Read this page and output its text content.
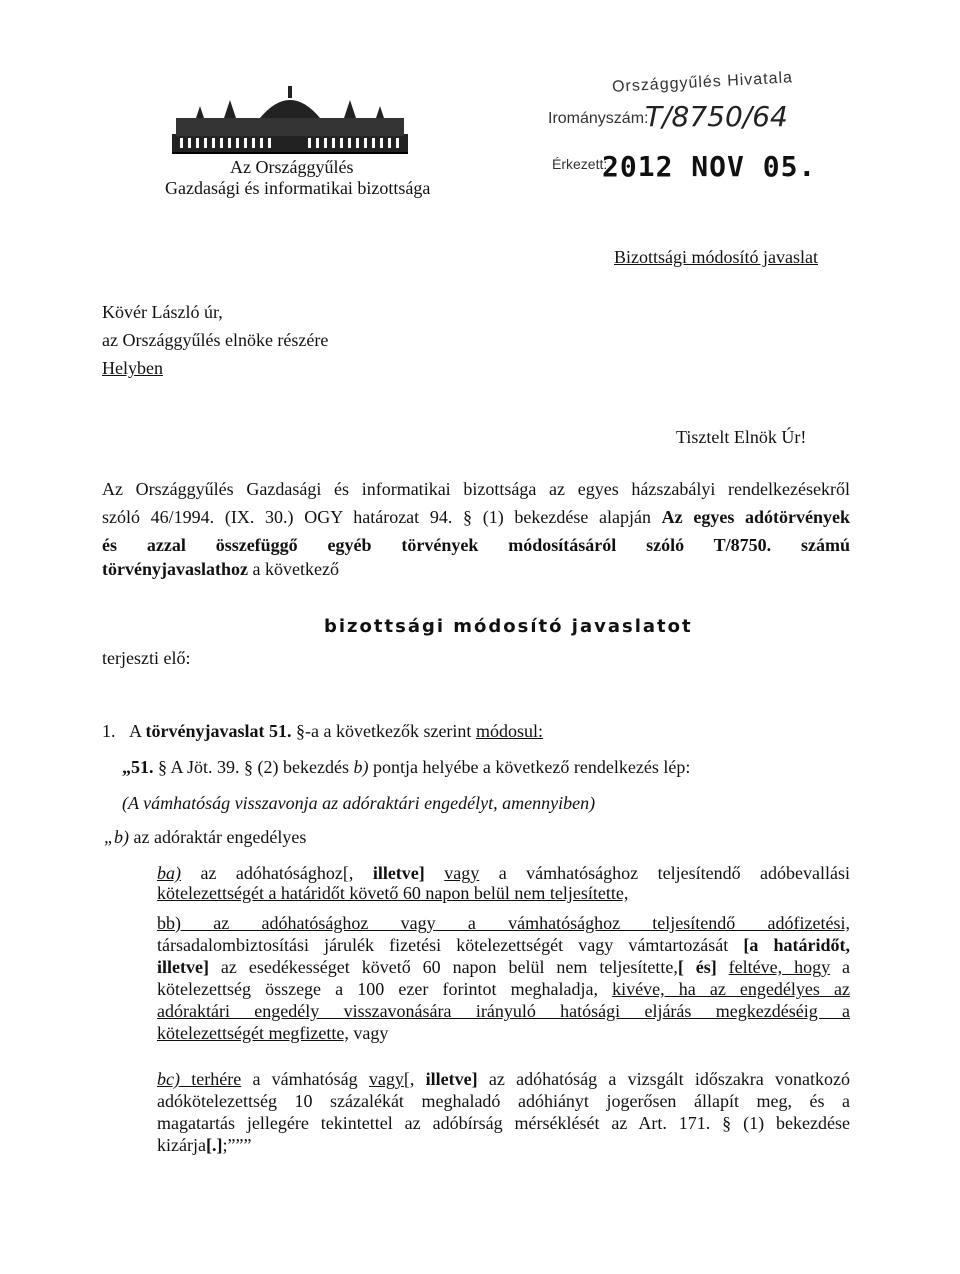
Az Országgyűlés
Gazdasági és informatikai bizottsága
Országgyűlés Hivatala
Irományszám:
T/8750/64
Érkezett:
2012 NOV 05.
Bizottsági módosító javaslat
Kövér László úr,
az Országgyűlés elnöke részére
Helyben
Tisztelt Elnök Úr!
Az Országgyűlés Gazdasági és informatikai bizottsága az egyes házszabályi rendelkezésekről
szóló 46/1994. (IX. 30.) OGY határozat 94. § (1) bekezdése alapján Az egyes adótörvények
és azzal összefüggő egyéb törvények módosításáról szóló T/8750. számú
törvényjavaslathoz a következő
bizottsági módosító javaslatot
terjeszti elő:
1. A törvényjavaslat 51. §-a a következők szerint módosul:
„51. § A Jöt. 39. § (2) bekezdés b) pontja helyébe a következő rendelkezés lép:
(A vámhatóság visszavonja az adóraktári engedélyt, amennyiben)
„b) az adóraktár engedélyes
ba) az adóhatósághoz[, illetve] vagy a vámhatósághoz teljesítendő adóbevallási
kötelezettségét a határidőt követő 60 napon belül nem teljesítette,
bb) az adóhatósághoz vagy a vámhatósághoz teljesítendő adófizetési,
társadalombiztosítási járulék fizetési kötelezettségét vagy vámtartozását [a határidőt,
illetve] az esedékességet követő 60 napon belül nem teljesítette,[ és] feltéve, hogy a
kötelezettség összege a 100 ezer forintot meghaladja, kivéve, ha az engedélyes az
adóraktári engedély visszavonására irányuló hatósági eljárás megkezdéséig a
kötelezettségét megfizette, vagy
bc) terhére a vámhatóság vagy[, illetve] az adóhatóság a vizsgált időszakra vonatkozó
adókötelezettség 10 százalékát meghaladó adóhiányt jogerősen állapít meg, és a
magatartás jellegére tekintettel az adóbírság mérséklését az Art. 171. § (1) bekezdése
kizárja[.];”””
